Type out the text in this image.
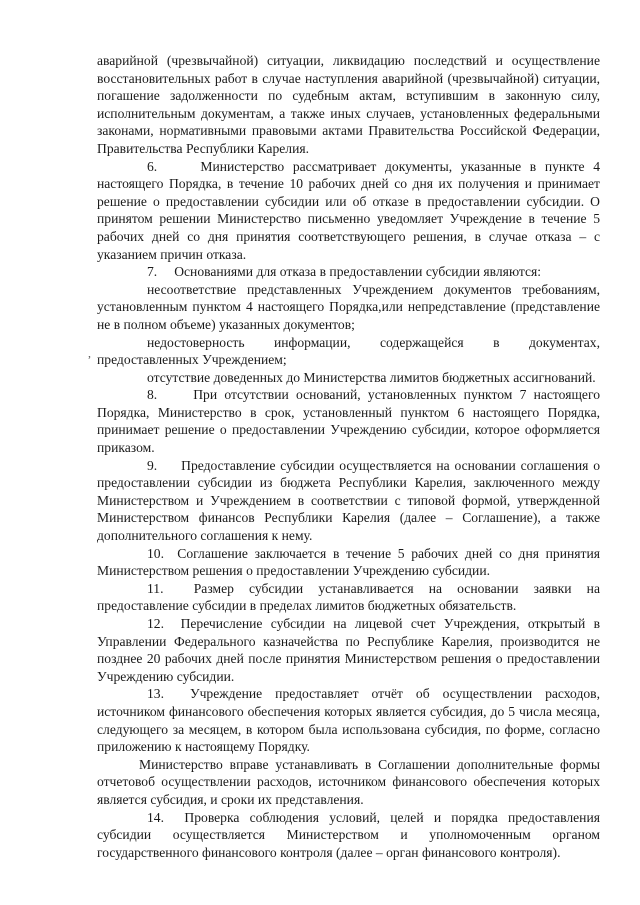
,

аварийной (чрезвычайной) ситуации, ликвидацию последствий и осуществление восстановительных работ в случае наступления аварийной (чрезвычайной) ситуации, погашение задолженности по судебным актам, вступившим в законную силу, исполнительным документам, а также иных случаев, установленных федеральными законами, нормативными правовыми актами Правительства Российской Федерации, Правительства Республики Карелия.

6.     Министерство рассматривает документы, указанные в пункте 4 настоящего Порядка, в течение 10 рабочих дней со дня их получения и принимает решение о предоставлении субсидии или об отказе в предоставлении субсидии. О принятом решении Министерство письменно уведомляет Учреждение в течение 5 рабочих дней со дня принятия соответствующего решения, в случае отказа – с указанием причин отказа.

7.     Основаниями для отказа в предоставлении субсидии являются:

несоответствие представленных Учреждением документов требованиям, установленным пунктом 4 настоящего Порядка,или непредставление (представление не в полном объеме) указанных документов;

недостоверность информации, содержащейся в документах, предоставленных Учреждением;

отсутствие доведенных до Министерства лимитов бюджетных ассигнований.

8.     При отсутствии оснований, установленных пунктом 7 настоящего Порядка, Министерство в срок, установленный пунктом 6 настоящего Порядка, принимает решение о предоставлении Учреждению субсидии, которое оформляется приказом.

9.     Предоставление субсидии осуществляется на основании соглашения о предоставлении субсидии из бюджета Республики Карелия, заключенного между Министерством и Учреждением в соответствии с типовой формой, утвержденной Министерством финансов Республики Карелия (далее – Соглашение), а также дополнительного соглашения к нему.

10.  Соглашение заключается в течение 5 рабочих дней со дня принятия Министерством решения о предоставлении Учреждению субсидии.

11.  Размер субсидии устанавливается на основании заявки на предоставление субсидии в пределах лимитов бюджетных обязательств.

12.  Перечисление субсидии на лицевой счет Учреждения, открытый в Управлении Федерального казначейства по Республике Карелия, производится не позднее 20 рабочих дней после принятия Министерством решения о предоставлении Учреждению субсидии.

13.  Учреждение предоставляет отчёт об осуществлении расходов, источником финансового обеспечения которых является субсидия, до 5 числа месяца, следующего за месяцем, в котором была использована субсидия, по форме, согласно приложению к настоящему Порядку.

Министерство вправе устанавливать в Соглашении дополнительные формы отчетовоб осуществлении расходов, источником финансового обеспечения которых является субсидия, и сроки их представления.

14.  Проверка соблюдения условий, целей и порядка предоставления субсидии осуществляется Министерством и уполномоченным органом государственного финансового контроля (далее – орган финансового контроля).
